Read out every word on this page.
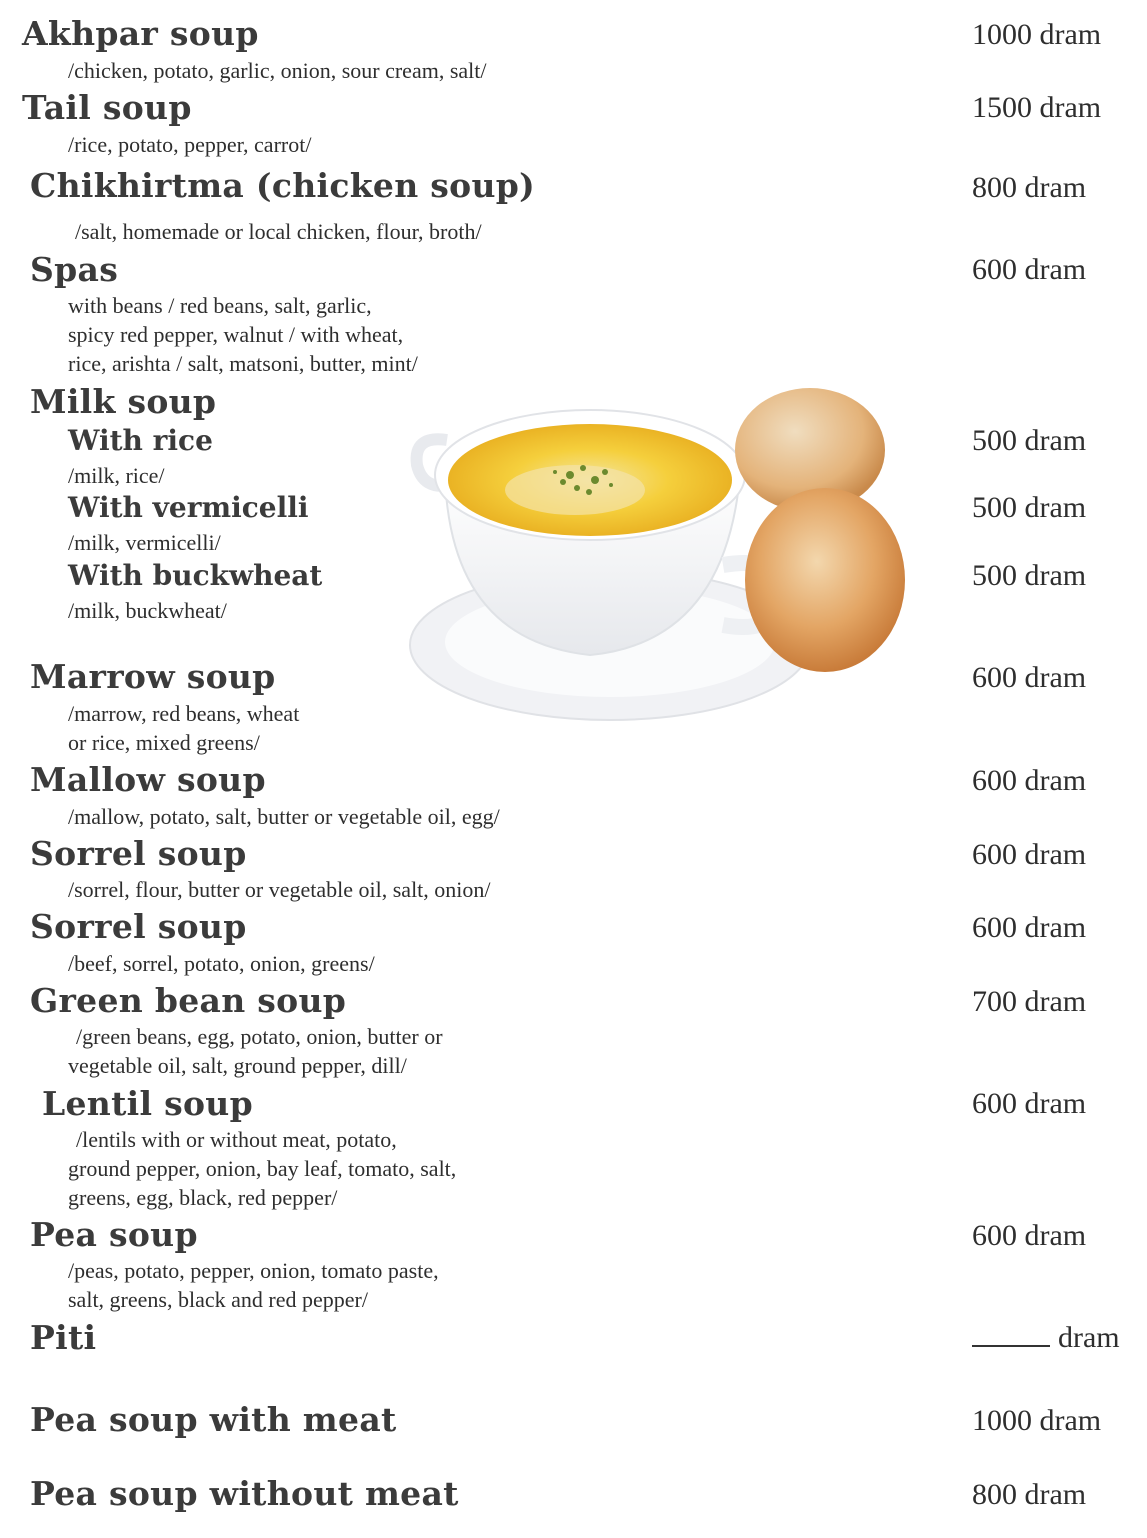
Akhpar soup	1000 dram
/chicken, potato, garlic, onion, sour cream, salt/
Tail soup	1500 dram
/rice, potato, pepper, carrot/
Chikhirtma (chicken soup)	800 dram
/salt, homemade or local chicken, flour, broth/
Spas	600 dram
with beans / red beans, salt, garlic,
spicy red pepper, walnut / with wheat,
rice, arishta / salt, matsoni, butter, mint/
Milk soup
With rice	500 dram
/milk, rice/
With vermicelli	500 dram
/milk, vermicelli/
With buckwheat	500 dram
/milk, buckwheat/
Marrow soup	600 dram
/marrow, red beans, wheat
or rice, mixed greens/
Mallow soup	600 dram
/mallow, potato, salt, butter or vegetable oil, egg/
Sorrel soup	600 dram
/sorrel, flour, butter or vegetable oil, salt, onion/
Sorrel soup	600 dram
/beef, sorrel, potato, onion, greens/
Green bean soup	700 dram
/green beans, egg, potato, onion, butter or
vegetable oil, salt, ground pepper, dill/
Lentil soup	600 dram
/lentils with or without meat, potato,
ground pepper, onion, bay leaf, tomato, salt,
greens, egg, black, red pepper/
Pea soup	600 dram
/peas, potato, pepper, onion, tomato paste,
salt, greens, black and red pepper/
Piti	dram
Pea soup with meat	1000 dram
Pea soup without meat	800 dram
